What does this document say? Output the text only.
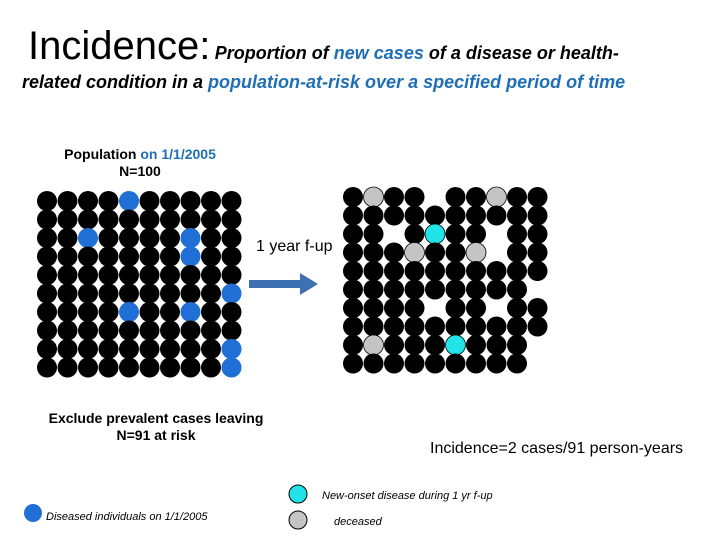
Incidence: Proportion of new cases of a disease or health-
related condition in a population-at-risk over a specified period of time
Population on 1/1/2005
N=100
1 year f-up
Exclude prevalent cases leaving N=91 at risk
Incidence=2 cases/91 person-years
New-onset disease during 1 yr f-up
Diseased individuals on 1/1/2005	deceased
